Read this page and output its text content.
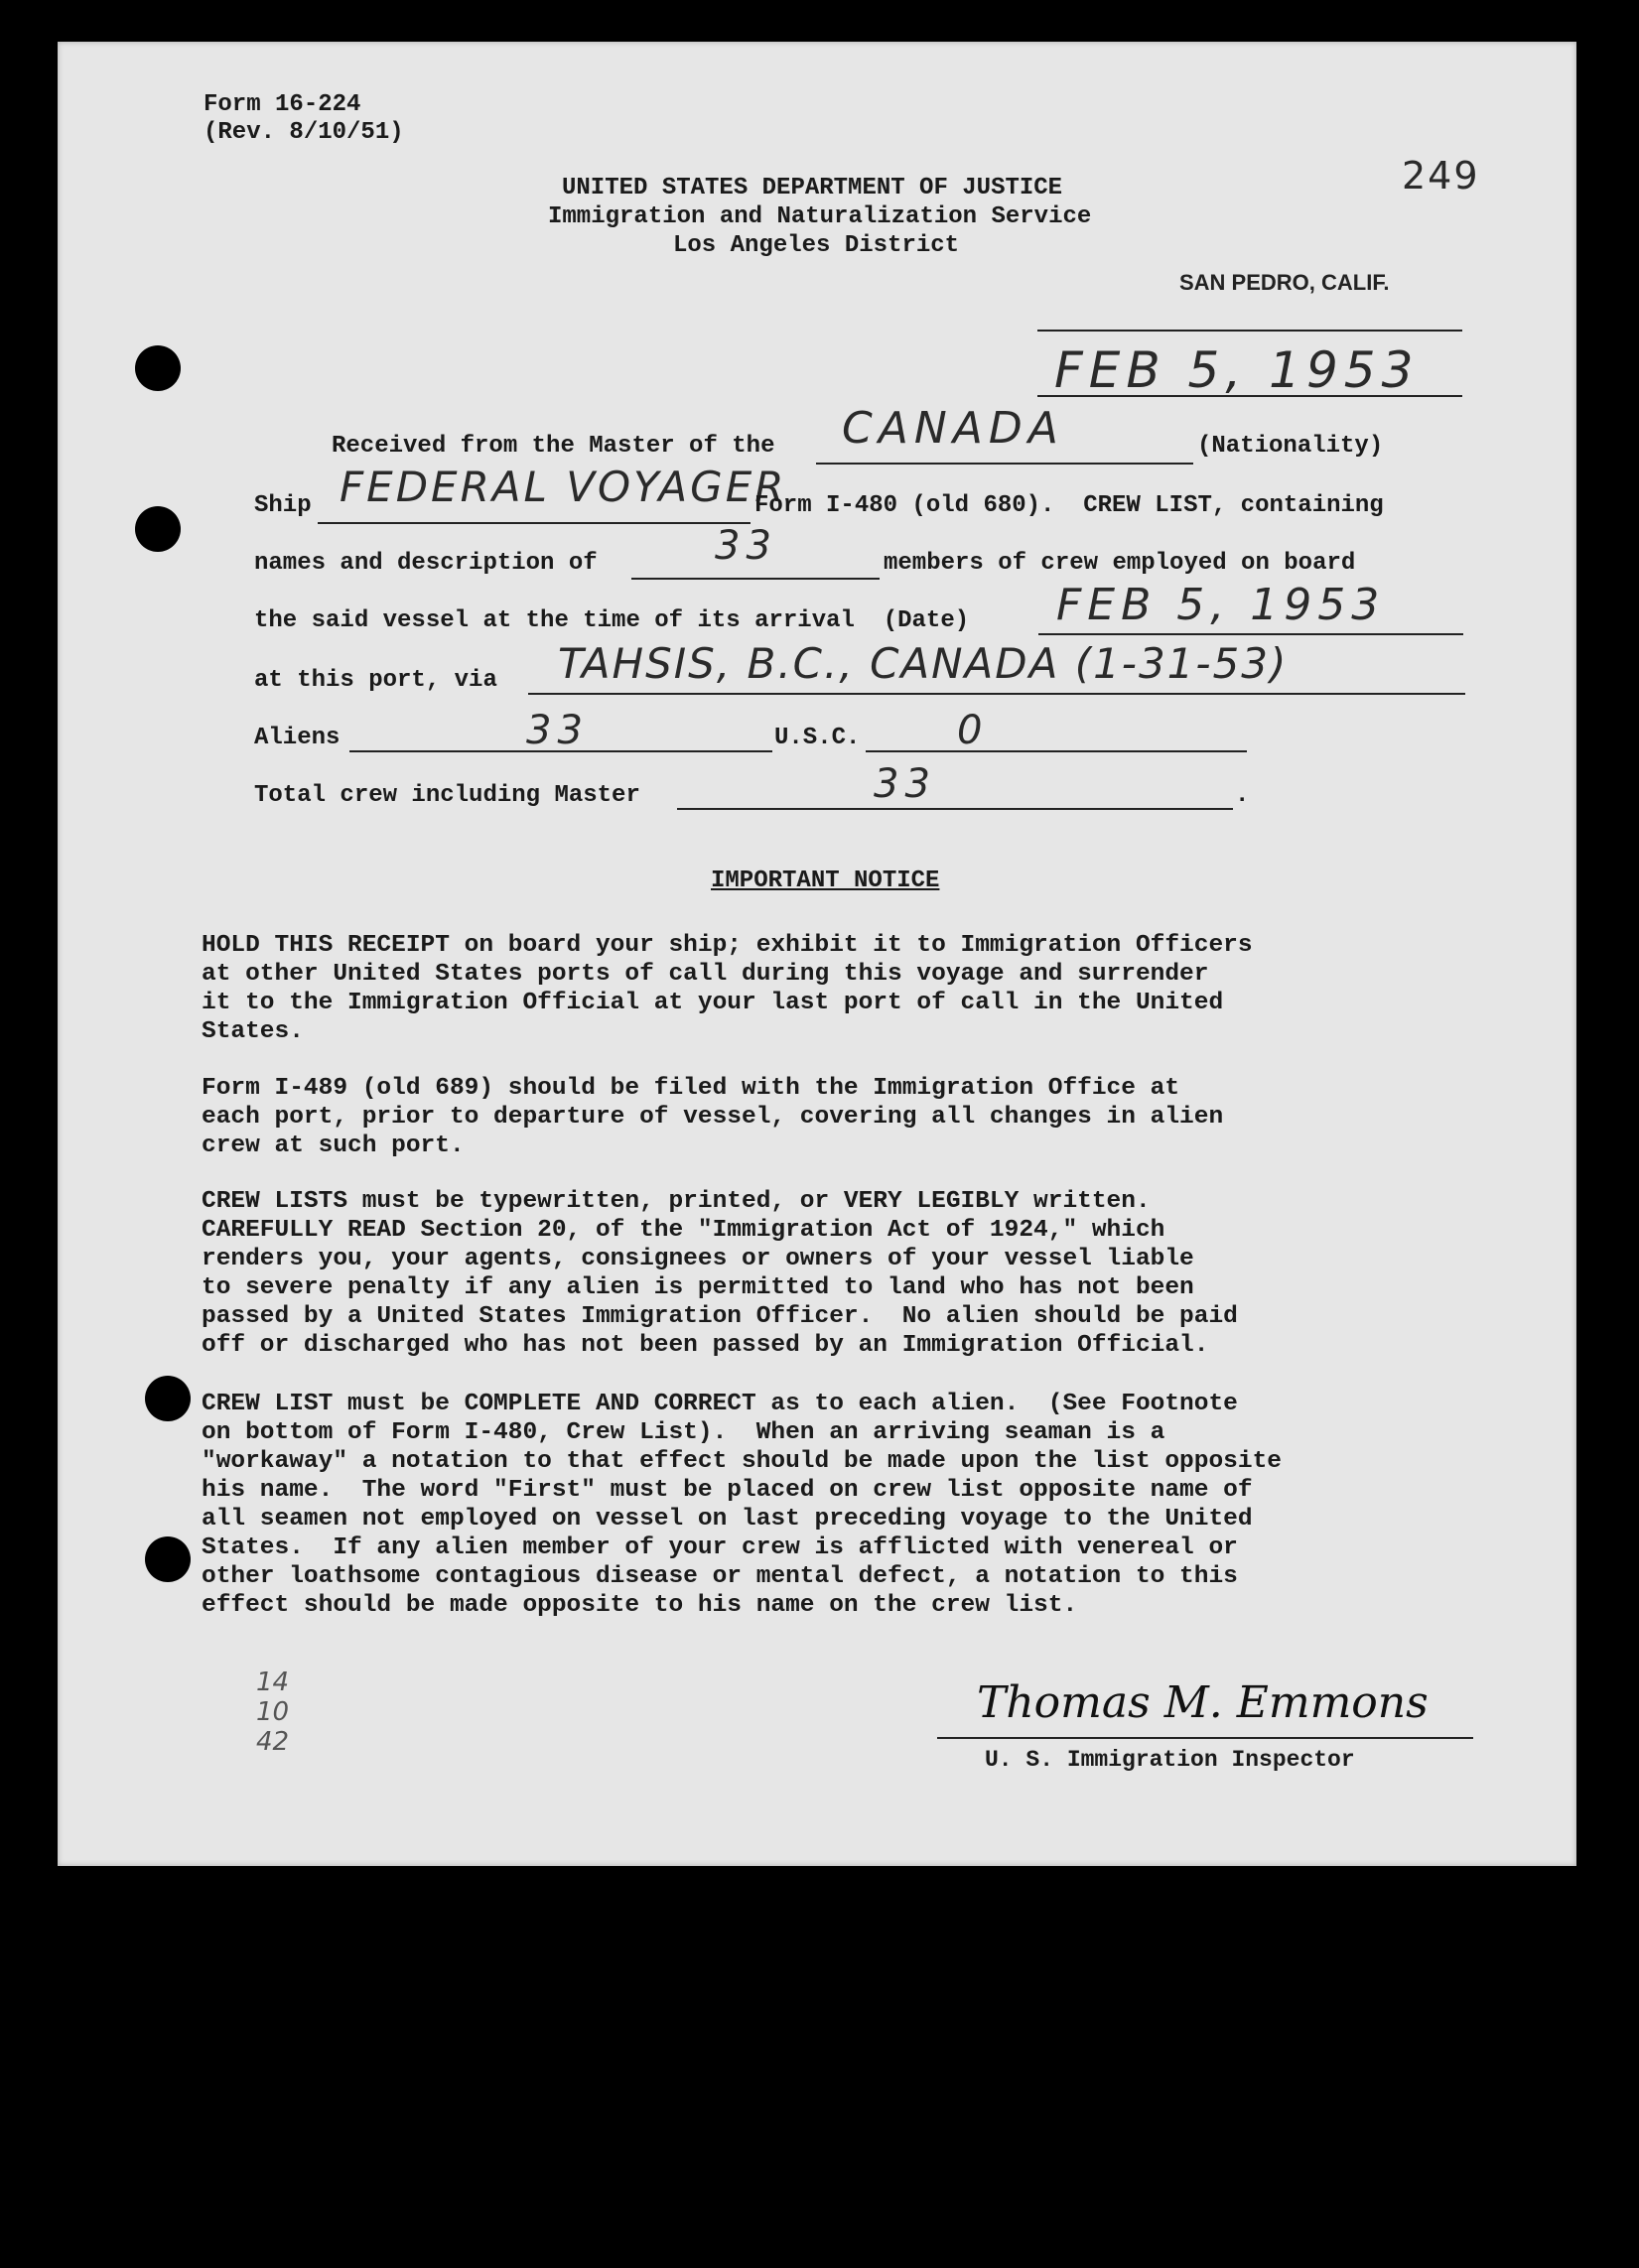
Form 16-224
(Rev. 8/10/51)
249
UNITED STATES DEPARTMENT OF JUSTICE
Immigration and Naturalization Service
Los Angeles District
SAN PEDRO, CALIF.
FEB 5, 1953
Received from the Master of the CANADA	(Nationality)
Ship FEDERAL VOYAGER
Form I-480 (old 680).  CREW LIST, containing
names and description of	33	members of crew employed on board
the said vessel at the time of its arrival  (Date) FEB 5, 1953
at this port, via TAHSIS, B.C., CANADA (1-31-53)
Aliens	33	U.S.C. 0
Total crew including Master	33	.
IMPORTANT NOTICE
HOLD THIS RECEIPT on board your ship; exhibit it to Immigration Officers
at other United States ports of call during this voyage and surrender
it to the Immigration Official at your last port of call in the United
States.
Form I-489 (old 689) should be filed with the Immigration Office at
each port, prior to departure of vessel, covering all changes in alien
crew at such port.
CREW LISTS must be typewritten, printed, or VERY LEGIBLY written.
CAREFULLY READ Section 20, of the "Immigration Act of 1924," which
renders you, your agents, consignees or owners of your vessel liable
to severe penalty if any alien is permitted to land who has not been
passed by a United States Immigration Officer.  No alien should be paid
off or discharged who has not been passed by an Immigration Official.
CREW LIST must be COMPLETE AND CORRECT as to each alien.  (See Footnote
on bottom of Form I-480, Crew List).  When an arriving seaman is a
"workaway" a notation to that effect should be made upon the list opposite
his name.  The word "First" must be placed on crew list opposite name of
all seamen not employed on vessel on last preceding voyage to the United
States.  If any alien member of your crew is afflicted with venereal or
other loathsome contagious disease or mental defect, a notation to this
effect should be made opposite to his name on the crew list.
14
10
42
Thomas M. Emmons
U. S. Immigration Inspector
